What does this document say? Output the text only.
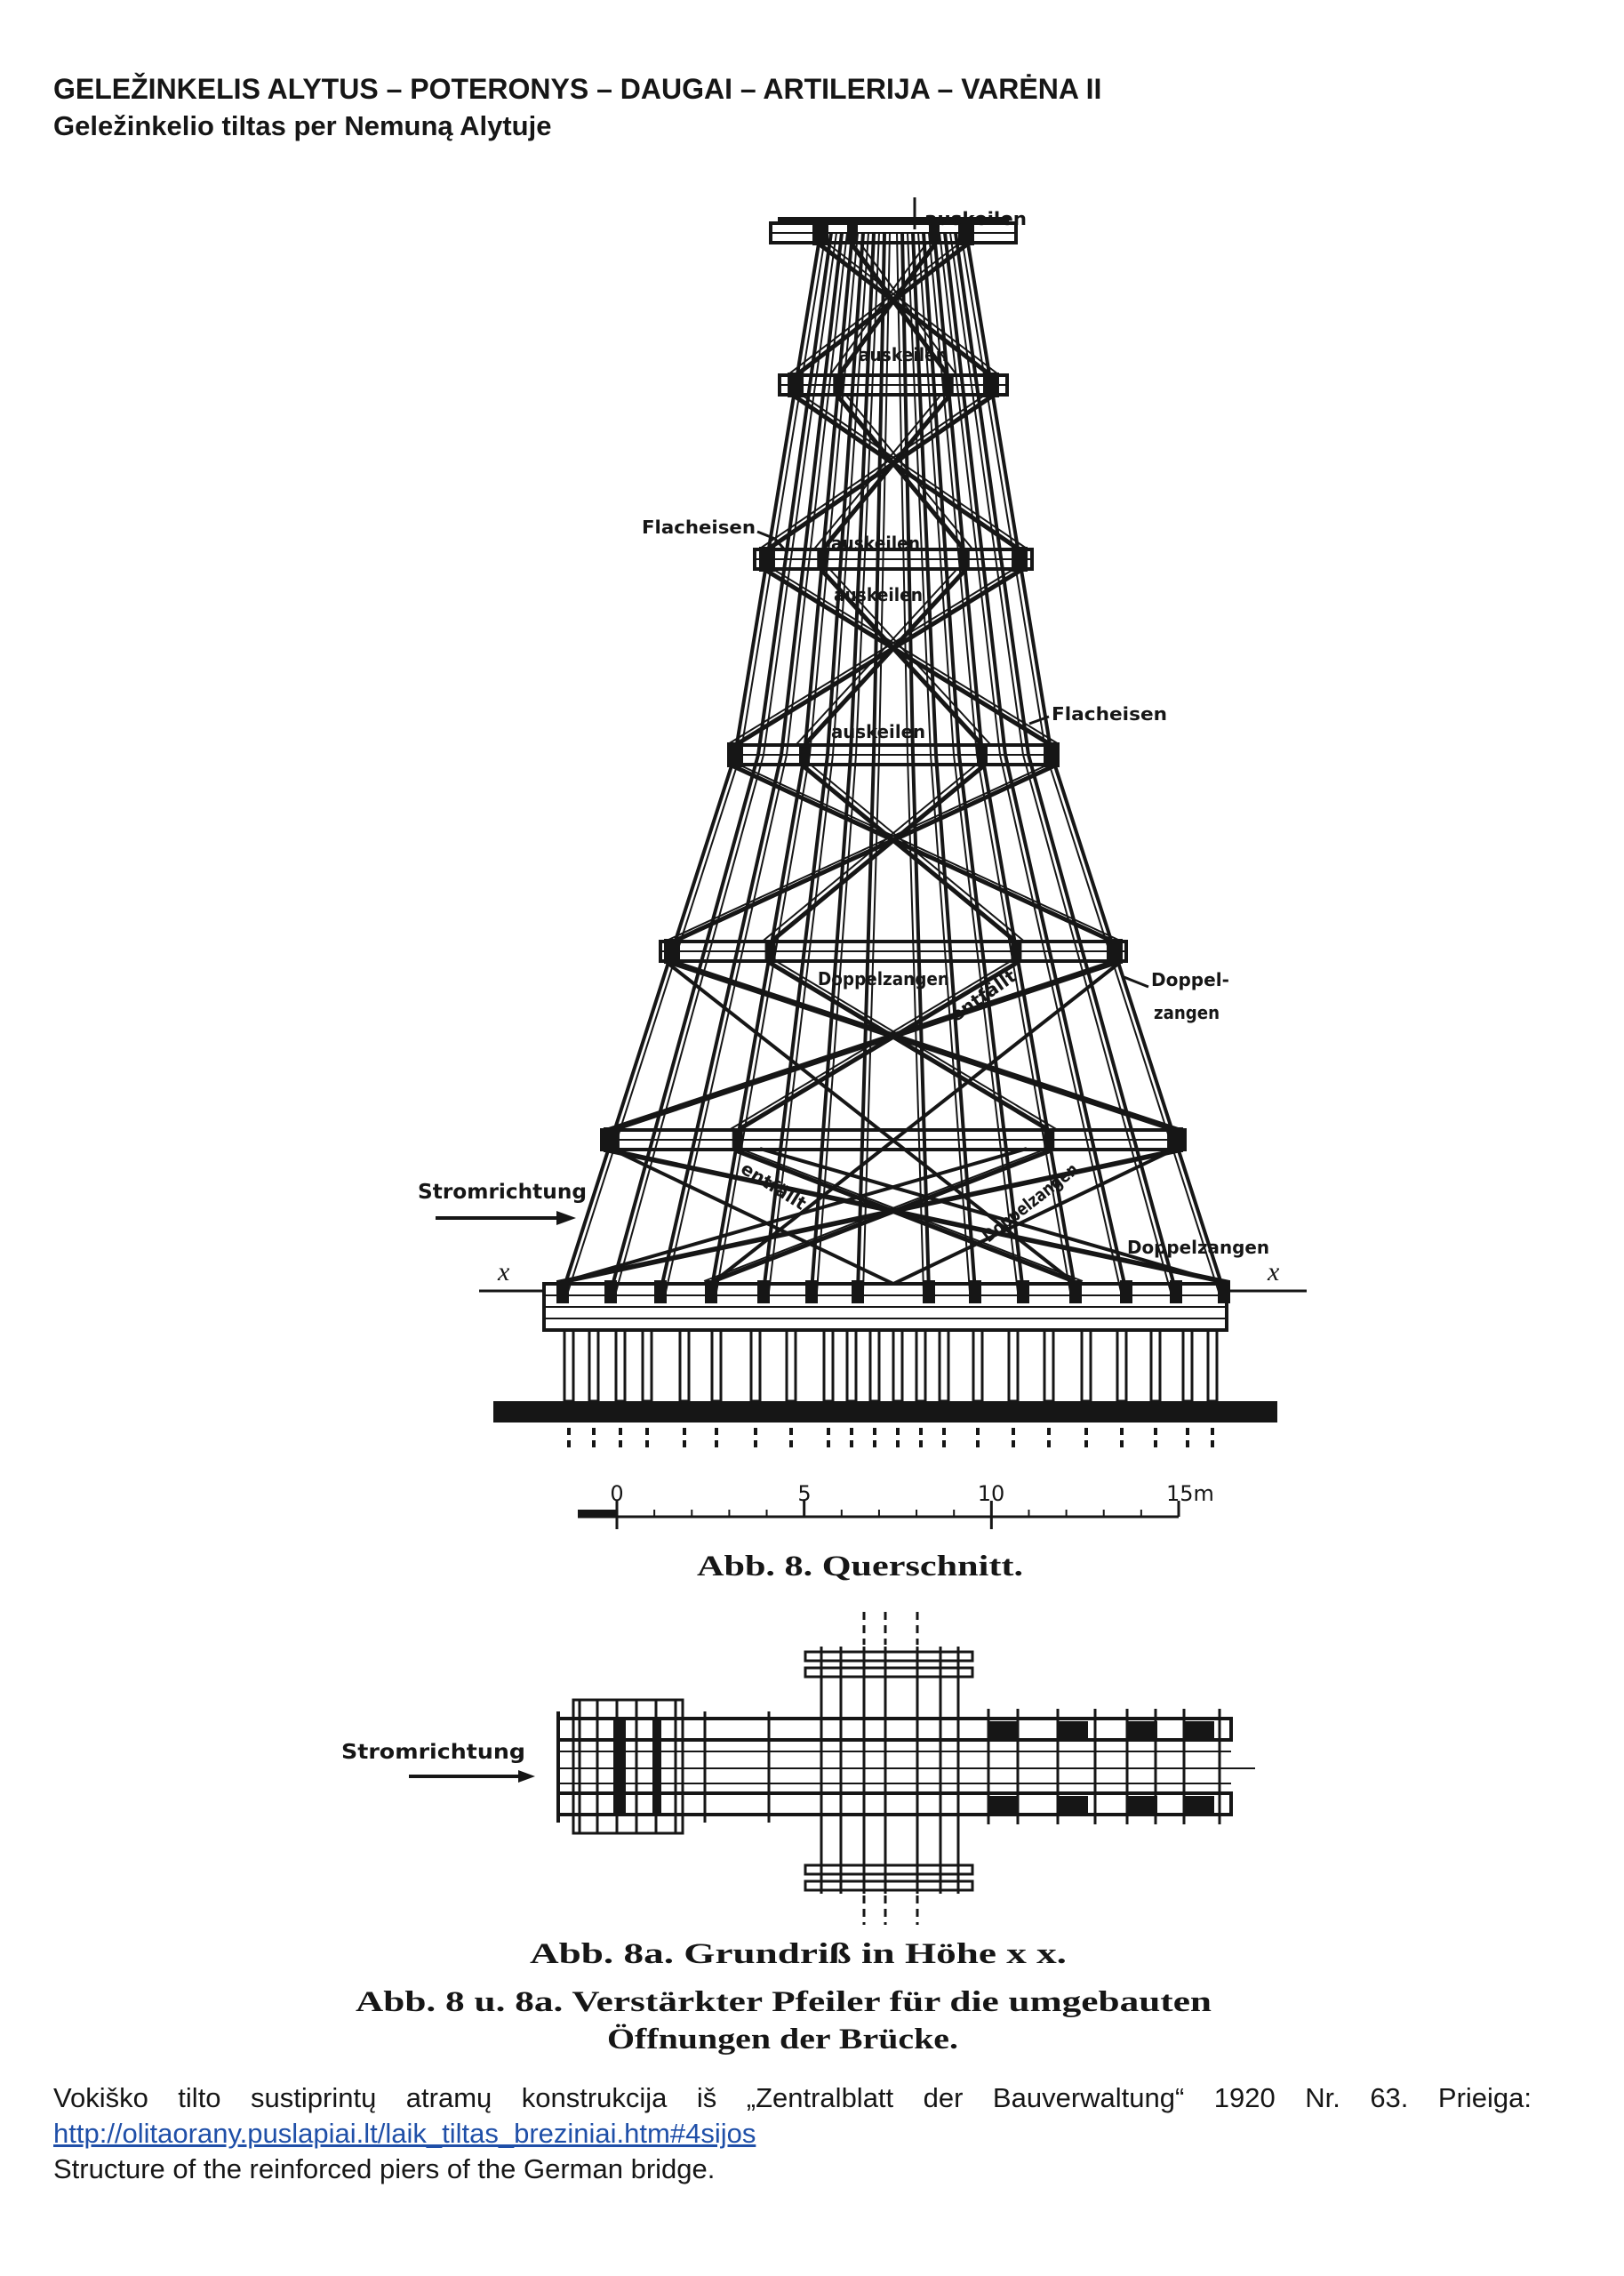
GELEŽINKELIS ALYTUS – POTERONYS – DAUGAI – ARTILERIJA – VARĖNA II
Geležinkelio tiltas per Nemuną Alytuje
auskeilen
auskeilen
Flacheisen
auskeilen
auskeilen
auskeilen
Flacheisen
Doppelzangen
entfällt	Doppel-
zangen
Stromrichtung	entfällt	Doppelzangen
Doppelzangen
x	x
0	5	10	15m
Abb. 8. Querschnitt.
Stromrichtung
Abb. 8a. Grundriß in Höhe x x.
Abb. 8 u. 8a. Verstärkter Pfeiler für die umgebauten
Öffnungen der Brücke.
Vokiško tilto sustiprintų atramų konstrukcija iš „Zentralblatt der Bauverwaltung“ 1920 Nr. 63. Prieiga:
http://olitaorany.puslapiai.lt/laik_tiltas_breziniai.htm#4sijos
Structure of the reinforced piers of the German bridge.
